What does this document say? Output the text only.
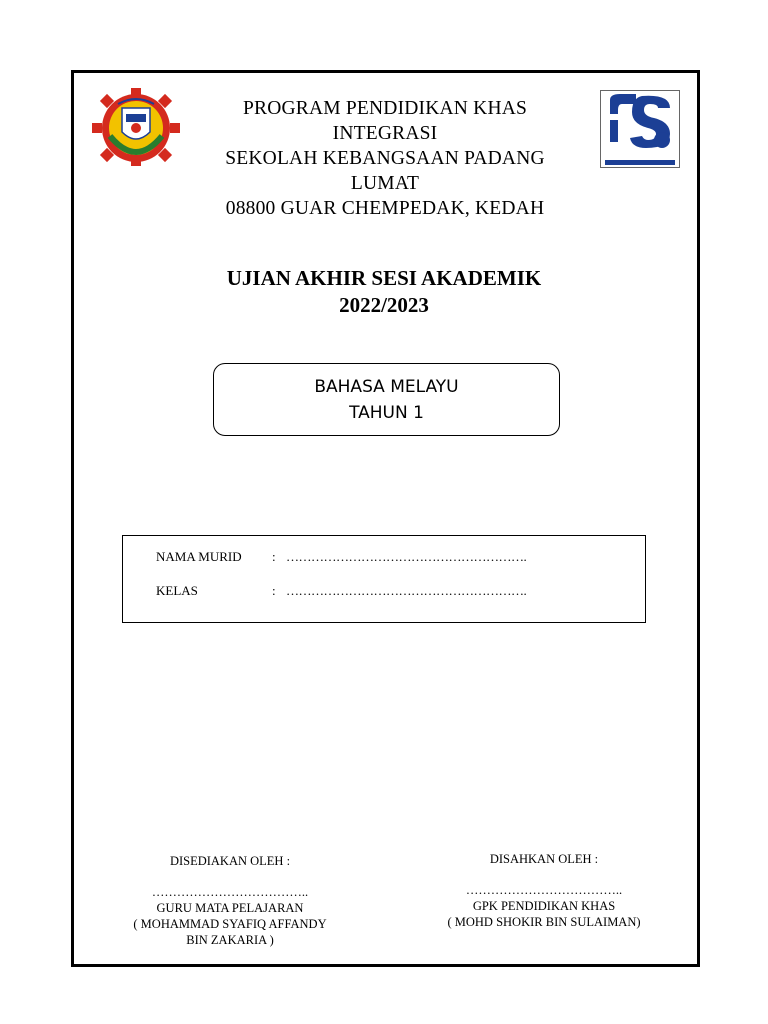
PROGRAM PENDIDIKAN KHAS INTEGRASI
SEKOLAH KEBANGSAAN PADANG LUMAT
08800 GUAR CHEMPEDAK, KEDAH
UJIAN AKHIR SESI AKADEMIK
2022/2023
BAHASA MELAYU
TAHUN 1
NAMA MURID	: ………………………………………………….
KELAS	: ………………………………………………….
DISEDIAKAN OLEH :
………………………………..
GURU MATA PELAJARAN
( MOHAMMAD SYAFIQ AFFANDY
BIN ZAKARIA )
DISAHKAN OLEH :
………………………………..
GPK PENDIDIKAN KHAS
( MOHD SHOKIR BIN SULAIMAN)
